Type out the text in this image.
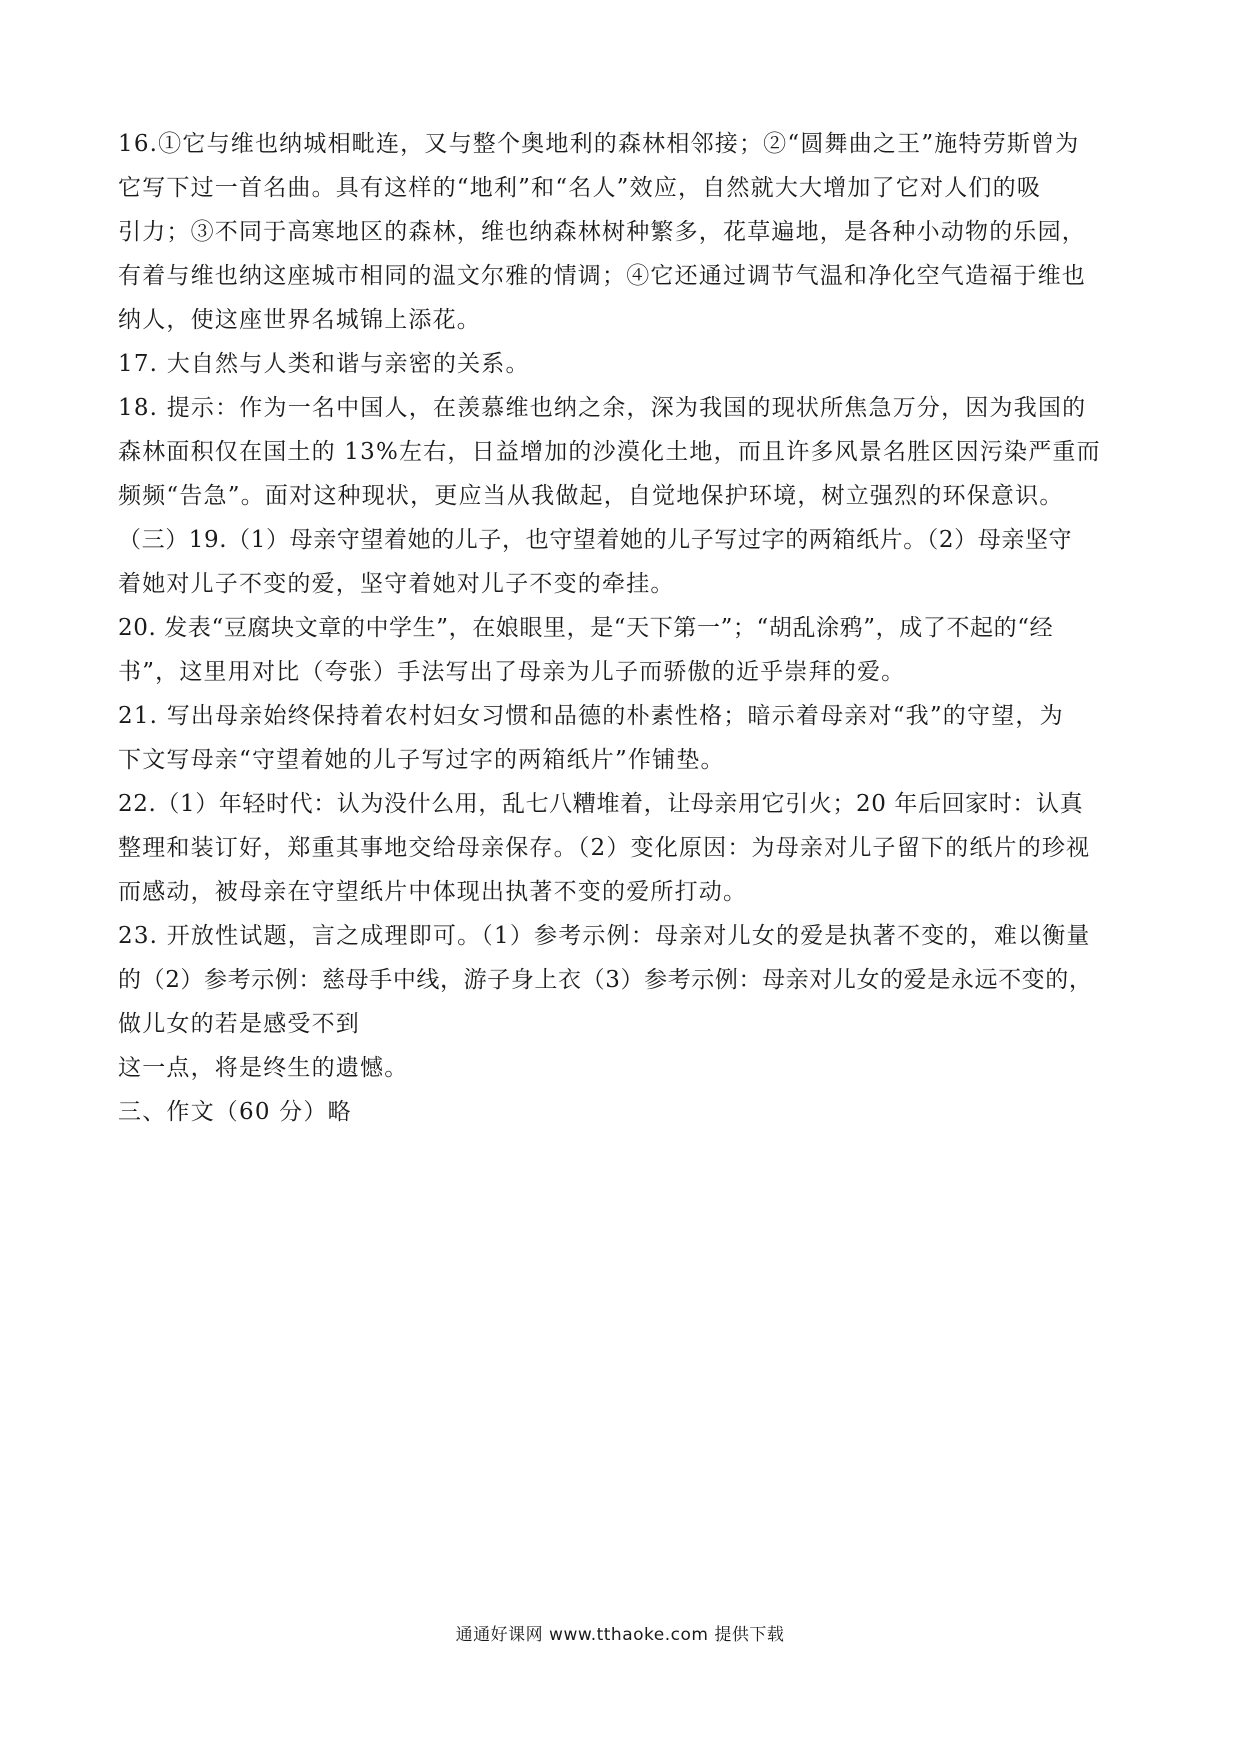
16.①它与维也纳城相毗连，又与整个奥地利的森林相邻接；②“圆舞曲之王”施特劳斯曾为
它写下过一首名曲。具有这样的“地利”和“名人”效应，自然就大大增加了它对人们的吸
引力；③不同于高寒地区的森林，维也纳森林树种繁多，花草遍地，是各种小动物的乐园，
有着与维也纳这座城市相同的温文尔雅的情调；④它还通过调节气温和净化空气造福于维也
纳人，使这座世界名城锦上添花。
17. 大自然与人类和谐与亲密的关系。
18. 提示：作为一名中国人，在羡慕维也纳之余，深为我国的现状所焦急万分，因为我国的
森林面积仅在国土的 13%左右，日益增加的沙漠化土地，而且许多风景名胜区因污染严重而
频频“告急”。面对这种现状，更应当从我做起，自觉地保护环境，树立强烈的环保意识。
（三）19.（1）母亲守望着她的儿子，也守望着她的儿子写过字的两箱纸片。（2）母亲坚守
着她对儿子不变的爱，坚守着她对儿子不变的牵挂。
20. 发表“豆腐块文章的中学生”，在娘眼里，是“天下第一”；“胡乱涂鸦”，成了不起的“经
书”，这里用对比（夸张）手法写出了母亲为儿子而骄傲的近乎崇拜的爱。
21. 写出母亲始终保持着农村妇女习惯和品德的朴素性格；暗示着母亲对“我”的守望，为
下文写母亲“守望着她的儿子写过字的两箱纸片”作铺垫。
22.（1）年轻时代：认为没什么用，乱七八糟堆着，让母亲用它引火；20 年后回家时：认真
整理和装订好，郑重其事地交给母亲保存。（2）变化原因：为母亲对儿子留下的纸片的珍视
而感动，被母亲在守望纸片中体现出执著不变的爱所打动。
23. 开放性试题，言之成理即可。（1）参考示例：母亲对儿女的爱是执著不变的，难以衡量
的（2）参考示例：慈母手中线，游子身上衣（3）参考示例：母亲对儿女的爱是永远不变的，
做儿女的若是感受不到
这一点，将是终生的遗憾。
三、作文（60 分）略
通通好课网 www.tthaoke.com 提供下载
